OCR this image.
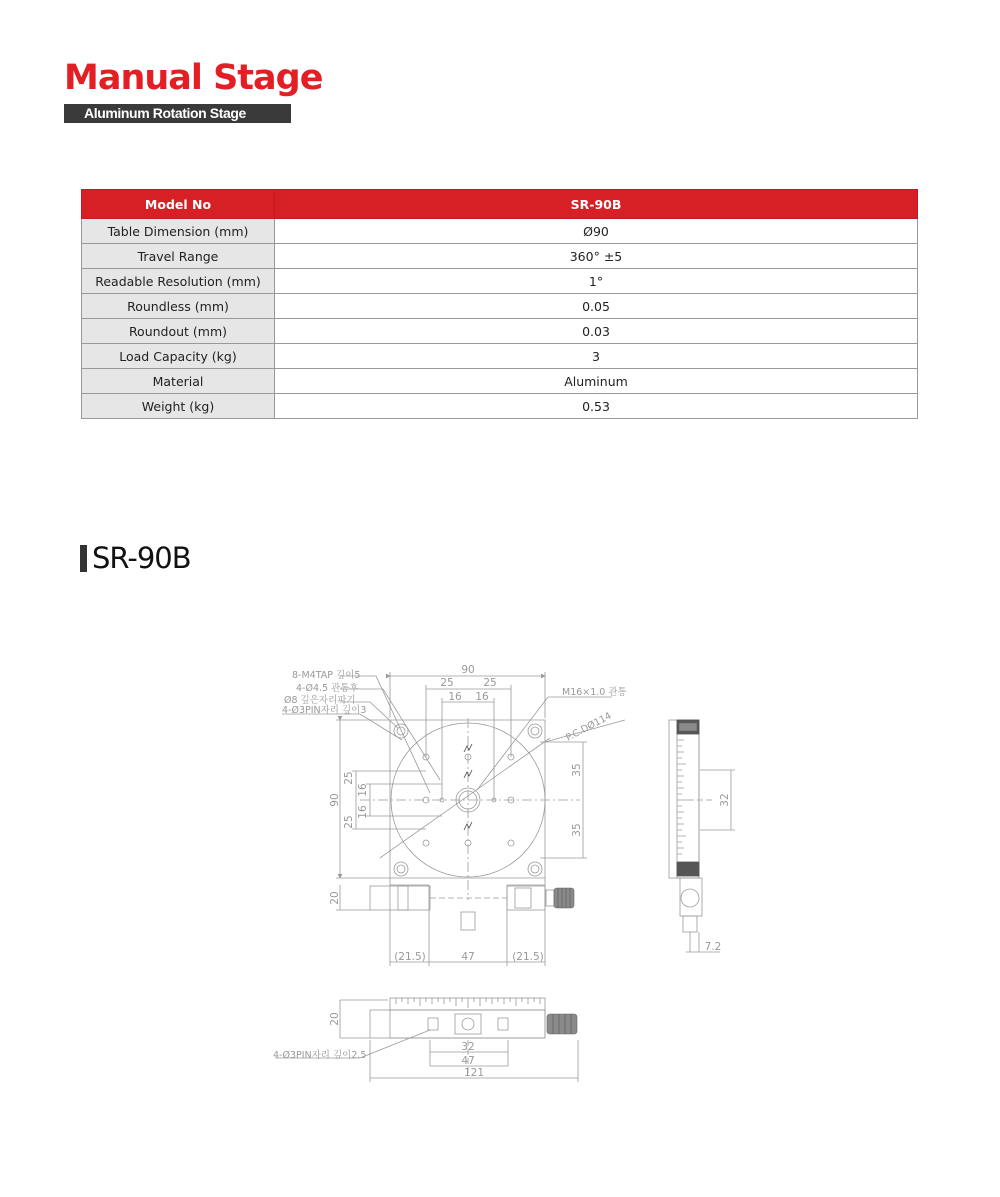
Manual Stage
Aluminum Rotation Stage
Model No	SR-90B
Table Dimension (mm)	Ø90
Travel Range	360° ±5
Readable Resolution (mm)	1°
Roundless (mm)	0.05
Roundout (mm)	0.03
Load Capacity (kg)	3
Material	Aluminum
Weight (kg)	0.53
SR-90B
8-M4TAP 깊이5
4-Ø4.5 관통후
Ø8 깊은자리파기
4-Ø3PIN자리 깊이3
M16×1.0 관통
P.C.DØ114
4-Ø3PIN자리 깊이2.5
90
25	25
16 16
90
25
25
16
16
35
35
20
(21.5)	47	(21.5)
32
7.2
20
32
47
121
